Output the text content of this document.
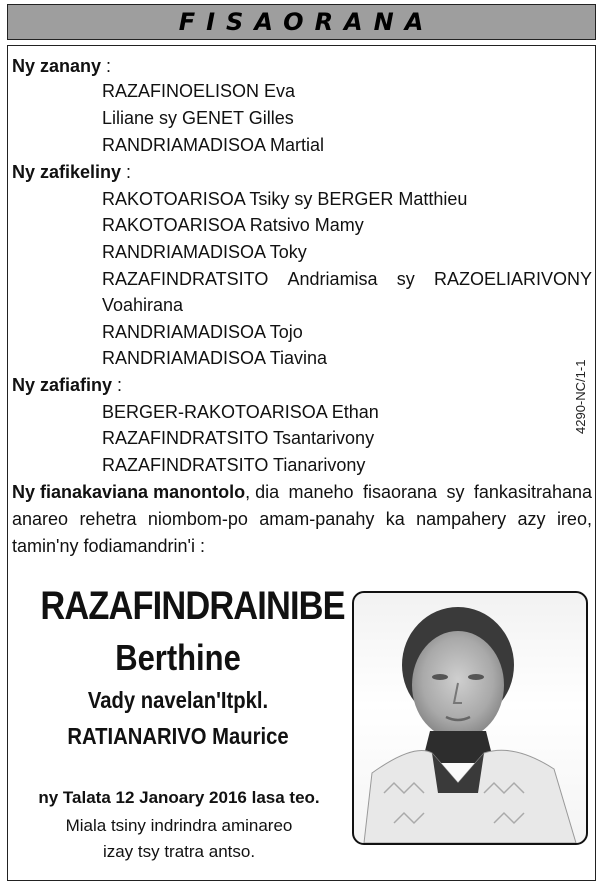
FISAORANA
Ny zanany :
RAZAFINOELISON Eva
Liliane sy GENET Gilles
RANDRIAMADISOA Martial
Ny zafikeliny :
RAKOTOARISOA Tsiky sy BERGER Matthieu
RAKOTOARISOA Ratsivo Mamy
RANDRIAMADISOA Toky
RAZAFINDRATSITO Andriamisa sy RAZOELIARIVONY
Voahirana
RANDRIAMADISOA Tojo
RANDRIAMADISOA Tiavina
Ny zafiafiny :
BERGER-RAKOTOARISOA Ethan
RAZAFINDRATSITO Tsantarivony
RAZAFINDRATSITO Tianarivony
4290-NC/1-1
Ny fianakaviana manontolo, dia maneho fisaorana sy fankasitrahana
anareo rehetra niombom-po amam-panahy ka nampahery azy ireo,
tamin'ny fodiamandrin'i :
RAZAFINDRAINIBE
Berthine
Vady navelan'Itpkl.
RATIANARIVO Maurice
ny Talata 12 Janoary 2016 lasa teo.
Miala tsiny indrindra aminareo
izay tsy tratra antso.
